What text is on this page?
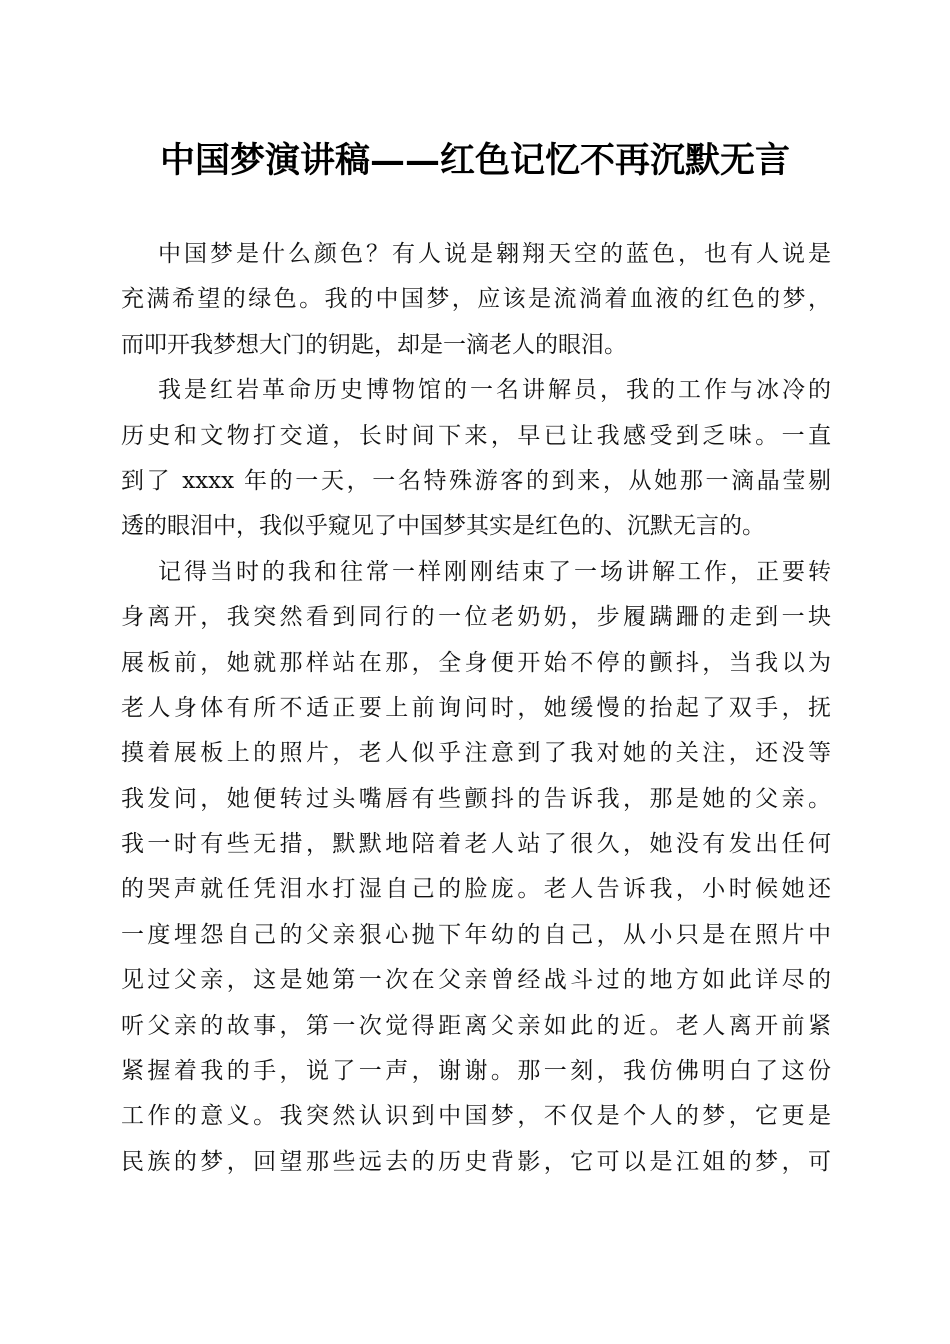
中国梦演讲稿——红色记忆不再沉默无言
中国梦是什么颜色？有人说是翱翔天空的蓝色，也有人说是
充满希望的绿色。我的中国梦，应该是流淌着血液的红色的梦，
而叩开我梦想大门的钥匙，却是一滴老人的眼泪。
我是红岩革命历史博物馆的一名讲解员，我的工作与冰冷的
历史和文物打交道，长时间下来，早已让我感受到乏味。一直
到了 xxxx 年的一天，一名特殊游客的到来，从她那一滴晶莹剔
透的眼泪中，我似乎窥见了中国梦其实是红色的、沉默无言的。
记得当时的我和往常一样刚刚结束了一场讲解工作，正要转
身离开，我突然看到同行的一位老奶奶，步履蹒跚的走到一块
展板前，她就那样站在那，全身便开始不停的颤抖，当我以为
老人身体有所不适正要上前询问时，她缓慢的抬起了双手，抚
摸着展板上的照片，老人似乎注意到了我对她的关注，还没等
我发问，她便转过头嘴唇有些颤抖的告诉我，那是她的父亲。
我一时有些无措，默默地陪着老人站了很久，她没有发出任何
的哭声就任凭泪水打湿自己的脸庞。老人告诉我，小时候她还
一度埋怨自己的父亲狠心抛下年幼的自己，从小只是在照片中
见过父亲，这是她第一次在父亲曾经战斗过的地方如此详尽的
听父亲的故事，第一次觉得距离父亲如此的近。老人离开前紧
紧握着我的手，说了一声，谢谢。那一刻，我仿佛明白了这份
工作的意义。我突然认识到中国梦，不仅是个人的梦，它更是
民族的梦，回望那些远去的历史背影，它可以是江姐的梦，可
